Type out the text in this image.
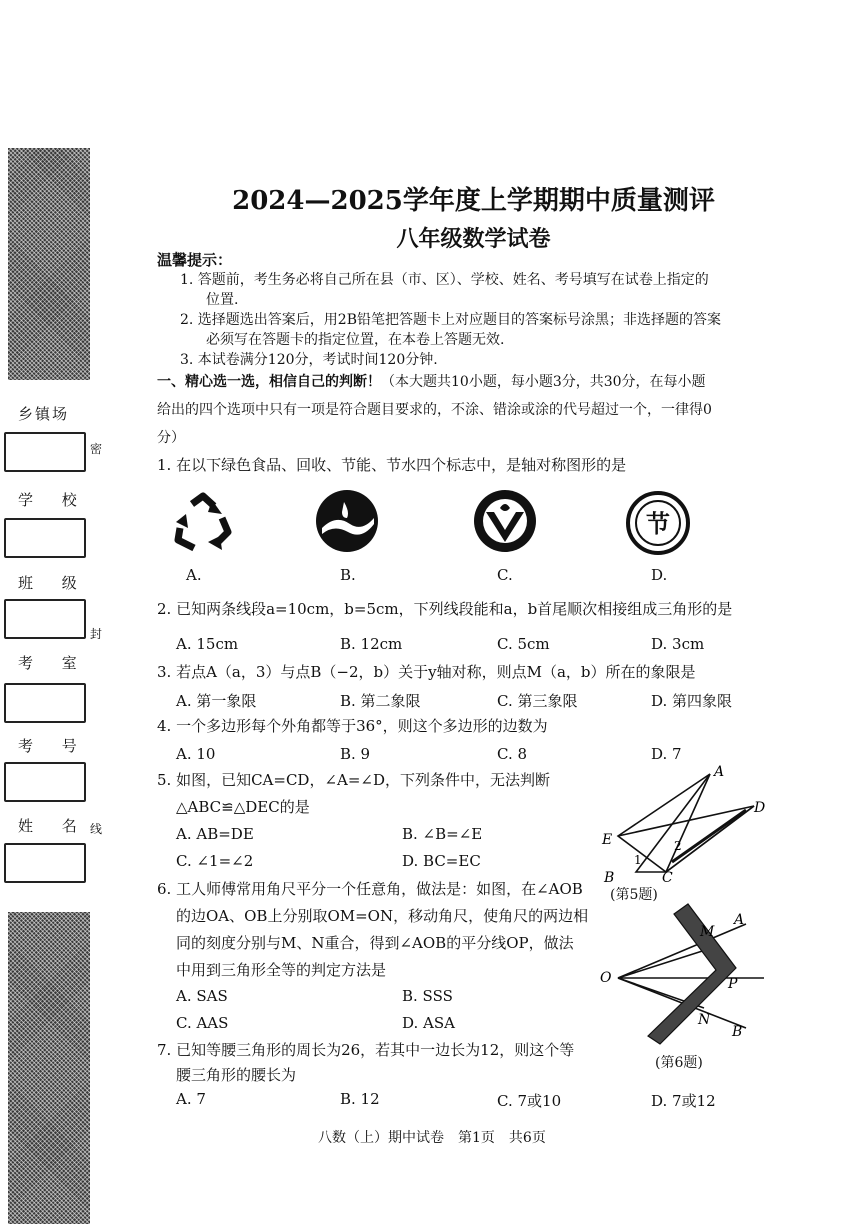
乡镇场
学 校
班 级
考 室
考 号
姓 名
密
封
线
2024—2025学年度上学期期中质量测评
八年级数学试卷
温馨提示：
1. 答题前，考生务必将自己所在县（市、区）、学校、姓名、考号填写在试卷上指定的
位置.
2. 选择题选出答案后，用2B铅笔把答题卡上对应题目的答案标号涂黑；非选择题的答案
必须写在答题卡的指定位置，在本卷上答题无效.
3. 本试卷满分120分，考试时间120分钟.
一、精心选一选，相信自己的判断！（本大题共10小题，每小题3分，共30分，在每小题
给出的四个选项中只有一项是符合题目要求的，不涂、错涂或涂的代号超过一个，一律得0
分）
1. 在以下绿色食品、回收、节能、节水四个标志中，是轴对称图形的是
节
A.	B.	C.	D.
2. 已知两条线段a=10cm，b=5cm，下列线段能和a，b首尾顺次相接组成三角形的是
A. 15cm	B. 12cm	C. 5cm	D. 3cm
3. 若点A（a，3）与点B（−2，b）关于y轴对称，则点M（a，b）所在的象限是
A. 第一象限	B. 第二象限	C. 第三象限	D. 第四象限
4. 一个多边形每个外角都等于36°，则这个多边形的边数为
A. 10	B. 9	C. 8	D. 7
5. 如图，已知CA=CD，∠A=∠D，下列条件中，无法判断
△ABC≌△DEC的是
A. AB=DE	B. ∠B=∠E
C. ∠1=∠2	D. BC=EC
A
D
E
1
2
B	C
(第5题)
6. 工人师傅常用角尺平分一个任意角，做法是：如图，在∠AOB
的边OA、OB上分别取OM=ON，移动角尺，使角尺的两边相
同的刻度分别与M、N重合，得到∠AOB的平分线OP，做法
中用到三角形全等的判定方法是
A. SAS	B. SSS
C. AAS	D. ASA
M
A
O	P
N
B
(第6题)
7. 已知等腰三角形的周长为26，若其中一边长为12，则这个等
腰三角形的腰长为
A. 7	B. 12	C. 7或10	D. 7或12
八数（上）期中试卷　第1页　共6页
